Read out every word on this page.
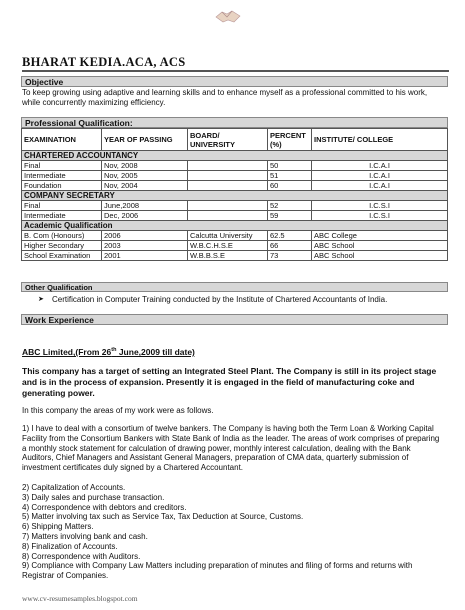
BHARAT KEDIA.ACA, ACS
Objective
To keep growing using adaptive and learning skills and to enhance myself as a professional committed to his work, while concurrently maximizing efficiency.
Professional Qualification:
EXAMINATION	YEAR OF PASSING	BOARD/ UNIVERSITY	PERCENT (%)	INSTITUTE/ COLLEGE
CHARTERED ACCOUNTANCY				
Final	Nov, 2008		50	I.C.A.I
Intermediate	Nov, 2005		51	I.C.A.I
Foundation	Nov, 2004		60	I.C.A.I
COMPANY SECRETARY				
Final	June,2008		52	I.C.S.I
Intermediate	Dec, 2006		59	I.C.S.I
Academic Qualification				
B. Com (Honours)	2006	Calcutta University	62.5	ABC College
Higher Secondary	2003	W.B.C.H.S.E	66	ABC School
School Examination	2001	W.B.B.S.E	73	ABC School
Other Qualification
➤	Certification in Computer Training conducted by the Institute of Chartered Accountants of India.
Work Experience
ABC Limited,(From 26th June,2009 till date)
This company has a target of setting an Integrated Steel Plant. The Company is still in its project stage and is in the process of expansion. Presently it is engaged in the field of manufacturing coke and generating power.
In this company the areas of my work were as follows.
1) I have to deal with a consortium of twelve bankers. The Company is having both the Term Loan & Working Capital Facility from the Consortium Bankers with State Bank of India as the leader. The areas of work comprises of preparing a monthly stock statement for calculation of drawing power, monthly interest calculation, dealing with the Bank Auditors, Chief Managers and Assistant General Managers, preparation of CMA data, quarterly submission of investment certificates duly signed by a Chartered Accountant.
2) Capitalization of Accounts.
3) Daily sales and purchase transaction.
4) Correspondence with debtors and creditors.
5) Matter involving tax such as Service Tax, Tax Deduction at Source, Customs.
6) Shipping Matters.
7) Matters involving bank and cash.
8) Finalization of Accounts.
8) Correspondence with Auditors.
9) Compliance with Company Law Matters including preparation of minutes and filing of forms and returns with Registrar of Companies.
www.cv-resumesamples.blogspot.com
